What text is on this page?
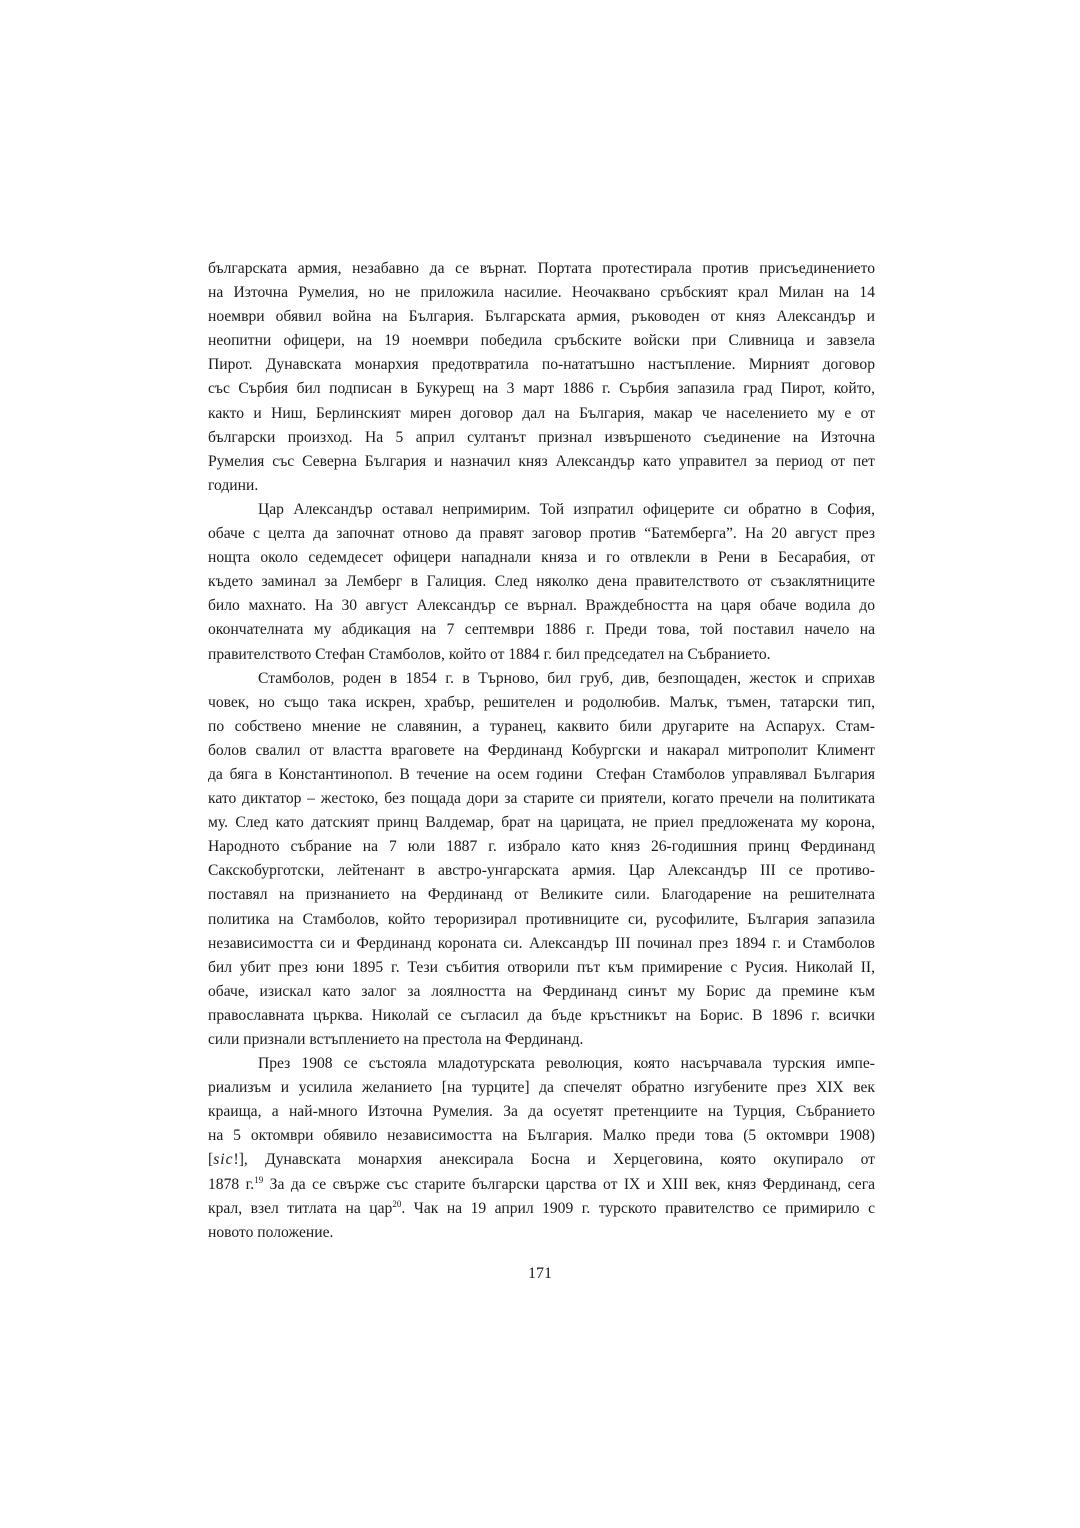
българската армия, незабавно да се върнат. Портата протестирала против присъединението
на Източна Румелия, но не приложила насилие. Неочаквано сръбският крал Милан на 14
ноември обявил война на България. Българската армия, ръководен от княз Александър и
неопитни офицери, на 19 ноември победила сръбските войски при Сливница и завзела
Пирот. Дунавската монархия предотвратила по-нататъшно настъпление. Мирният договор
със Сърбия бил подписан в Букурещ на 3 март 1886 г. Сърбия запазила град Пирот, който,
както и Ниш, Берлинският мирен договор дал на България, макар че населението му е от
български произход. На 5 април султанът признал извършеното съединение на Източна
Румелия със Северна България и назначил княз Александър като управител за период от пет
години.
Цар Александър оставал непримирим. Той изпратил офицерите си обратно в София,
обаче с целта да започнат отново да правят заговор против “Батемберга”. На 20 август през
нощта около седемдесет офицери нападнали княза и го отвлекли в Рени в Бесарабия, от
където заминал за Лемберг в Галиция. След няколко дена правителството от съзаклятниците
било махнато. На 30 август Александър се върнал. Враждебността на царя обаче водила до
окончателната му абдикация на 7 септември 1886 г. Преди това, той поставил начело на
правителството Стефан Стамболов, който от 1884 г. бил председател на Събранието.
Стамболов, роден в 1854 г. в Търново, бил груб, див, безпощаден, жесток и сприхав
човек, но също така искрен, храбър, решителен и родолюбив. Малък, тъмен, татарски тип,
по собствено мнение не славянин, а туранец, каквито били другарите на Аспарух. Стам-
болов свалил от властта враговете на Фердинанд Кобургски и накарал митрополит Климент
да бяга в Константинопол. В течение на осем години  Стефан Стамболов управлявал България
като диктатор – жестоко, без пощада дори за старите си приятели, когато пречели на политиката
му. След като датският принц Валдемар, брат на царицата, не приел предложената му корона,
Народното събрание на 7 юли 1887 г. избрало като княз 26-годишния принц Фердинанд
Сакскобурготски, лейтенант в австро-унгарската армия. Цар Александър III се противо-
поставял на признанието на Фердинанд от Великите сили. Благодарение на решителната
политика на Стамболов, който тероризирал противниците си, русофилите, България запазила
независимостта си и Фердинанд короната си. Александър III починал през 1894 г. и Стамболов
бил убит през юни 1895 г. Тези събития отворили път към примирение с Русия. Николай II,
обаче, изискал като залог за лоялността на Фердинанд синът му Борис да премине към
православната църква. Николай се съгласил да бъде кръстникът на Борис. В 1896 г. всички
сили признали встъплението на престола на Фердинанд.
През 1908 се състояла младотурската революция, която насърчавала турския импе-
риализъм и усилила желанието [на турците] да спечелят обратно изгубените през XIX век
краища, а най-много Източна Румелия. За да осуетят претенциите на Турция, Събранието
на 5 октомври обявило независимостта на България. Малко преди това (5 октомври 1908)
[sic!], Дунавската монархия анексирала Босна и Херцеговина, която окупирало от
1878 г.$^{19}$ За да се свърже със старите български царства от IX и XIII век, княз Фердинанд, сега
крал, взел титлата на цар$^{20}$. Чак на 19 април 1909 г. турското правителство се примирило с
новото положение.
171
